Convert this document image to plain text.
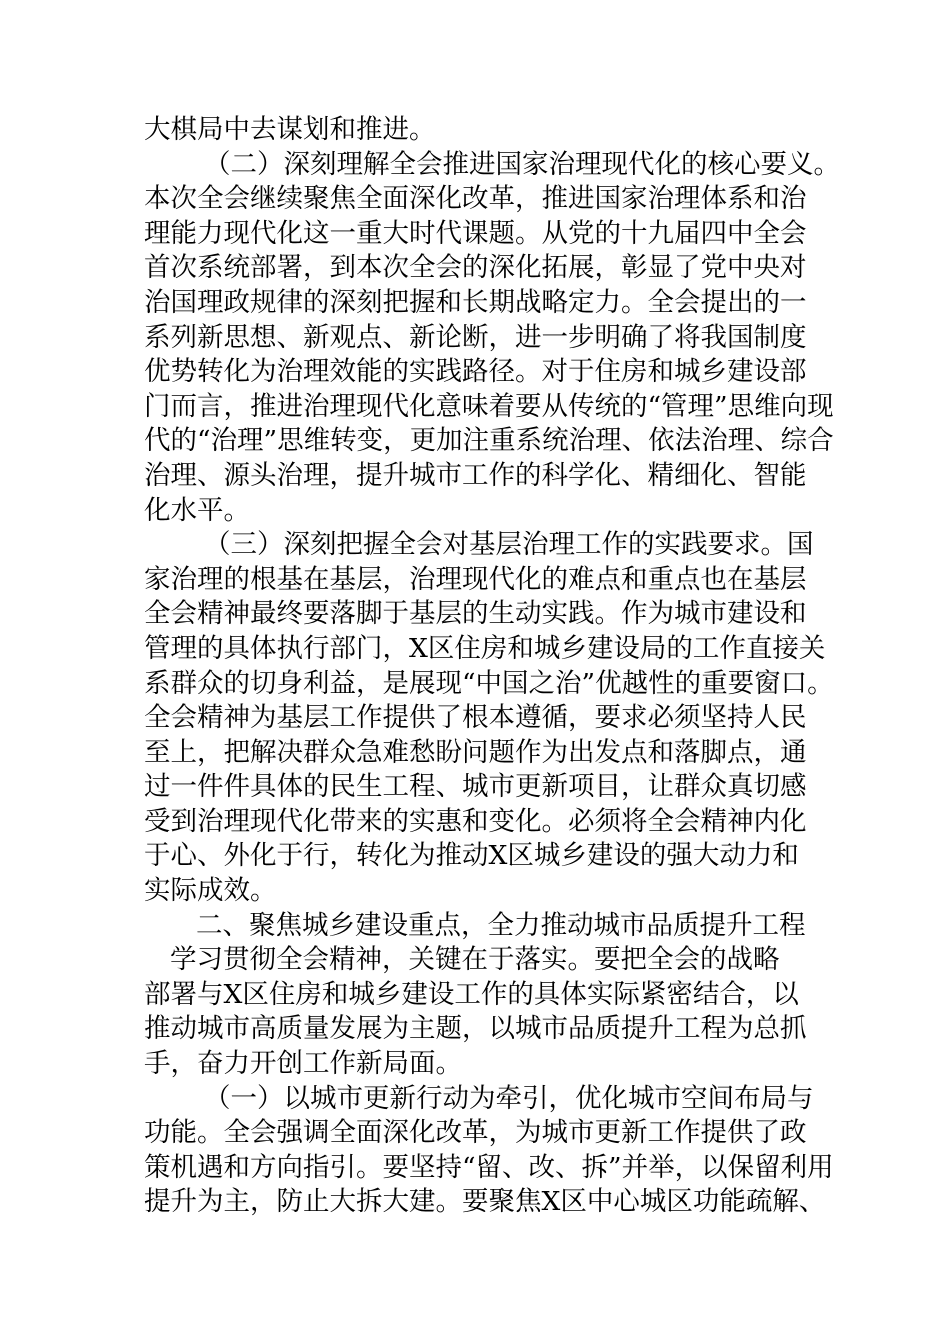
大棋局中去谋划和推进。
（二）深刻理解全会推进国家治理现代化的核心要义。
本次全会继续聚焦全面深化改革，推进国家治理体系和治
理能力现代化这一重大时代课题。从党的十九届四中全会
首次系统部署，到本次全会的深化拓展，彰显了党中央对
治国理政规律的深刻把握和长期战略定力。全会提出的一
系列新思想、新观点、新论断，进一步明确了将我国制度
优势转化为治理效能的实践路径。对于住房和城乡建设部
门而言，推进治理现代化意味着要从传统的“管理”思维向现
代的“治理”思维转变，更加注重系统治理、依法治理、综合
治理、源头治理，提升城市工作的科学化、精细化、智能
化水平。
（三）深刻把握全会对基层治理工作的实践要求。国
家治理的根基在基层，治理现代化的难点和重点也在基层
全会精神最终要落脚于基层的生动实践。作为城市建设和
管理的具体执行部门，X区住房和城乡建设局的工作直接关
系群众的切身利益，是展现“中国之治”优越性的重要窗口。
全会精神为基层工作提供了根本遵循，要求必须坚持人民
至上，把解决群众急难愁盼问题作为出发点和落脚点，通
过一件件具体的民生工程、城市更新项目，让群众真切感
受到治理现代化带来的实惠和变化。必须将全会精神内化
于心、外化于行，转化为推动X区城乡建设的强大动力和
实际成效。
二、聚焦城乡建设重点，全力推动城市品质提升工程
学习贯彻全会精神，关键在于落实。要把全会的战略
部署与X区住房和城乡建设工作的具体实际紧密结合，以
推动城市高质量发展为主题，以城市品质提升工程为总抓
手，奋力开创工作新局面。
（一）以城市更新行动为牵引，优化城市空间布局与
功能。全会强调全面深化改革，为城市更新工作提供了政
策机遇和方向指引。要坚持“留、改、拆”并举，以保留利用
提升为主，防止大拆大建。要聚焦X区中心城区功能疏解、
